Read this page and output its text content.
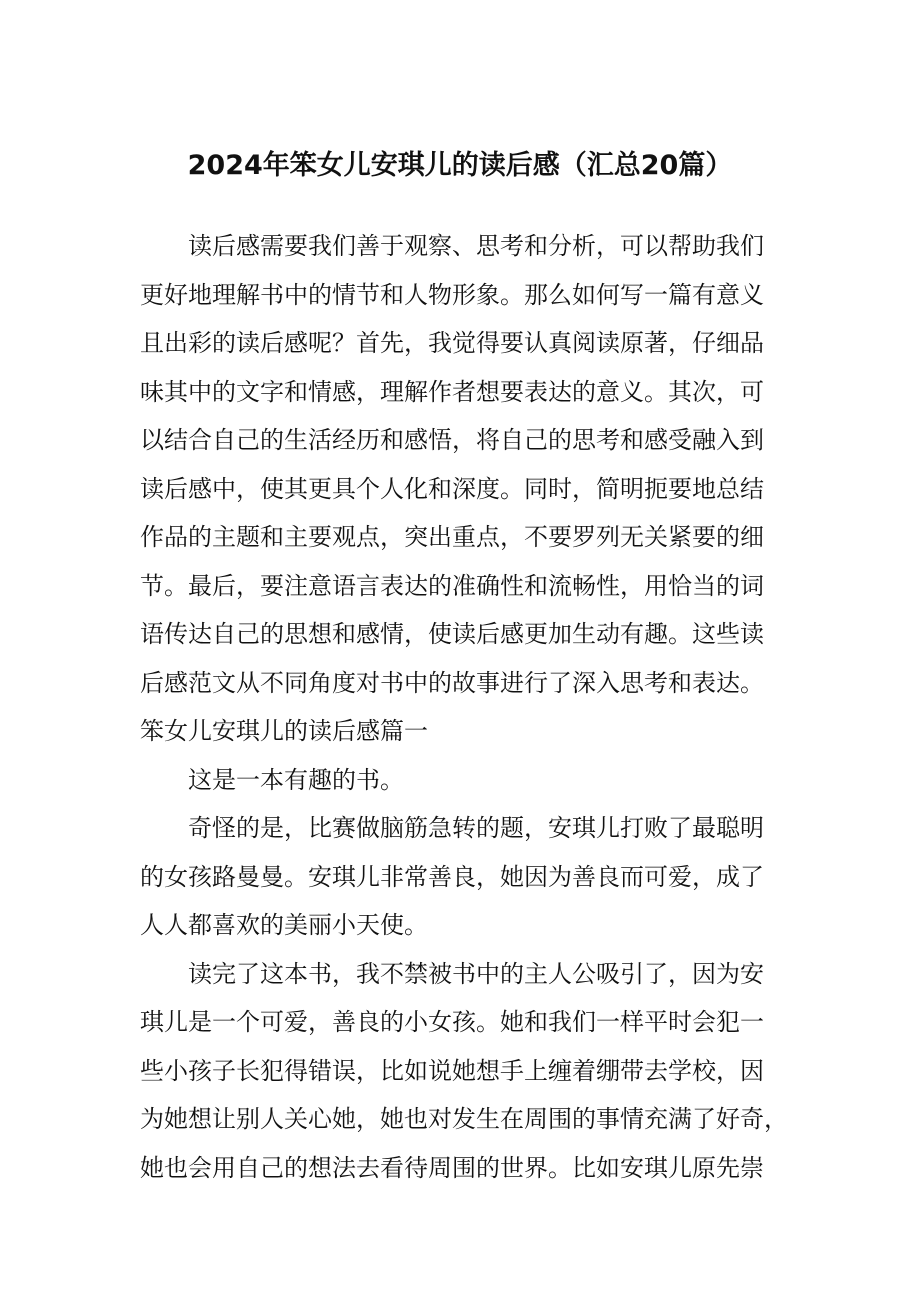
2024年笨女儿安琪儿的读后感（汇总20篇）
读后感需要我们善于观察、思考和分析，可以帮助我们
更好地理解书中的情节和人物形象。那么如何写一篇有意义
且出彩的读后感呢？首先，我觉得要认真阅读原著，仔细品
味其中的文字和情感，理解作者想要表达的意义。其次，可
以结合自己的生活经历和感悟，将自己的思考和感受融入到
读后感中，使其更具个人化和深度。同时，简明扼要地总结
作品的主题和主要观点，突出重点，不要罗列无关紧要的细
节。最后，要注意语言表达的准确性和流畅性，用恰当的词
语传达自己的思想和感情，使读后感更加生动有趣。这些读
后感范文从不同角度对书中的故事进行了深入思考和表达。
笨女儿安琪儿的读后感篇一
这是一本有趣的书。
奇怪的是，比赛做脑筋急转的题，安琪儿打败了最聪明
的女孩路曼曼。安琪儿非常善良，她因为善良而可爱，成了
人人都喜欢的美丽小天使。
读完了这本书，我不禁被书中的主人公吸引了，因为安
琪儿是一个可爱，善良的小女孩。她和我们一样平时会犯一
些小孩子长犯得错误，比如说她想手上缠着绷带去学校，因
为她想让别人关心她，她也对发生在周围的事情充满了好奇，
她也会用自己的想法去看待周围的世界。比如安琪儿原先崇
